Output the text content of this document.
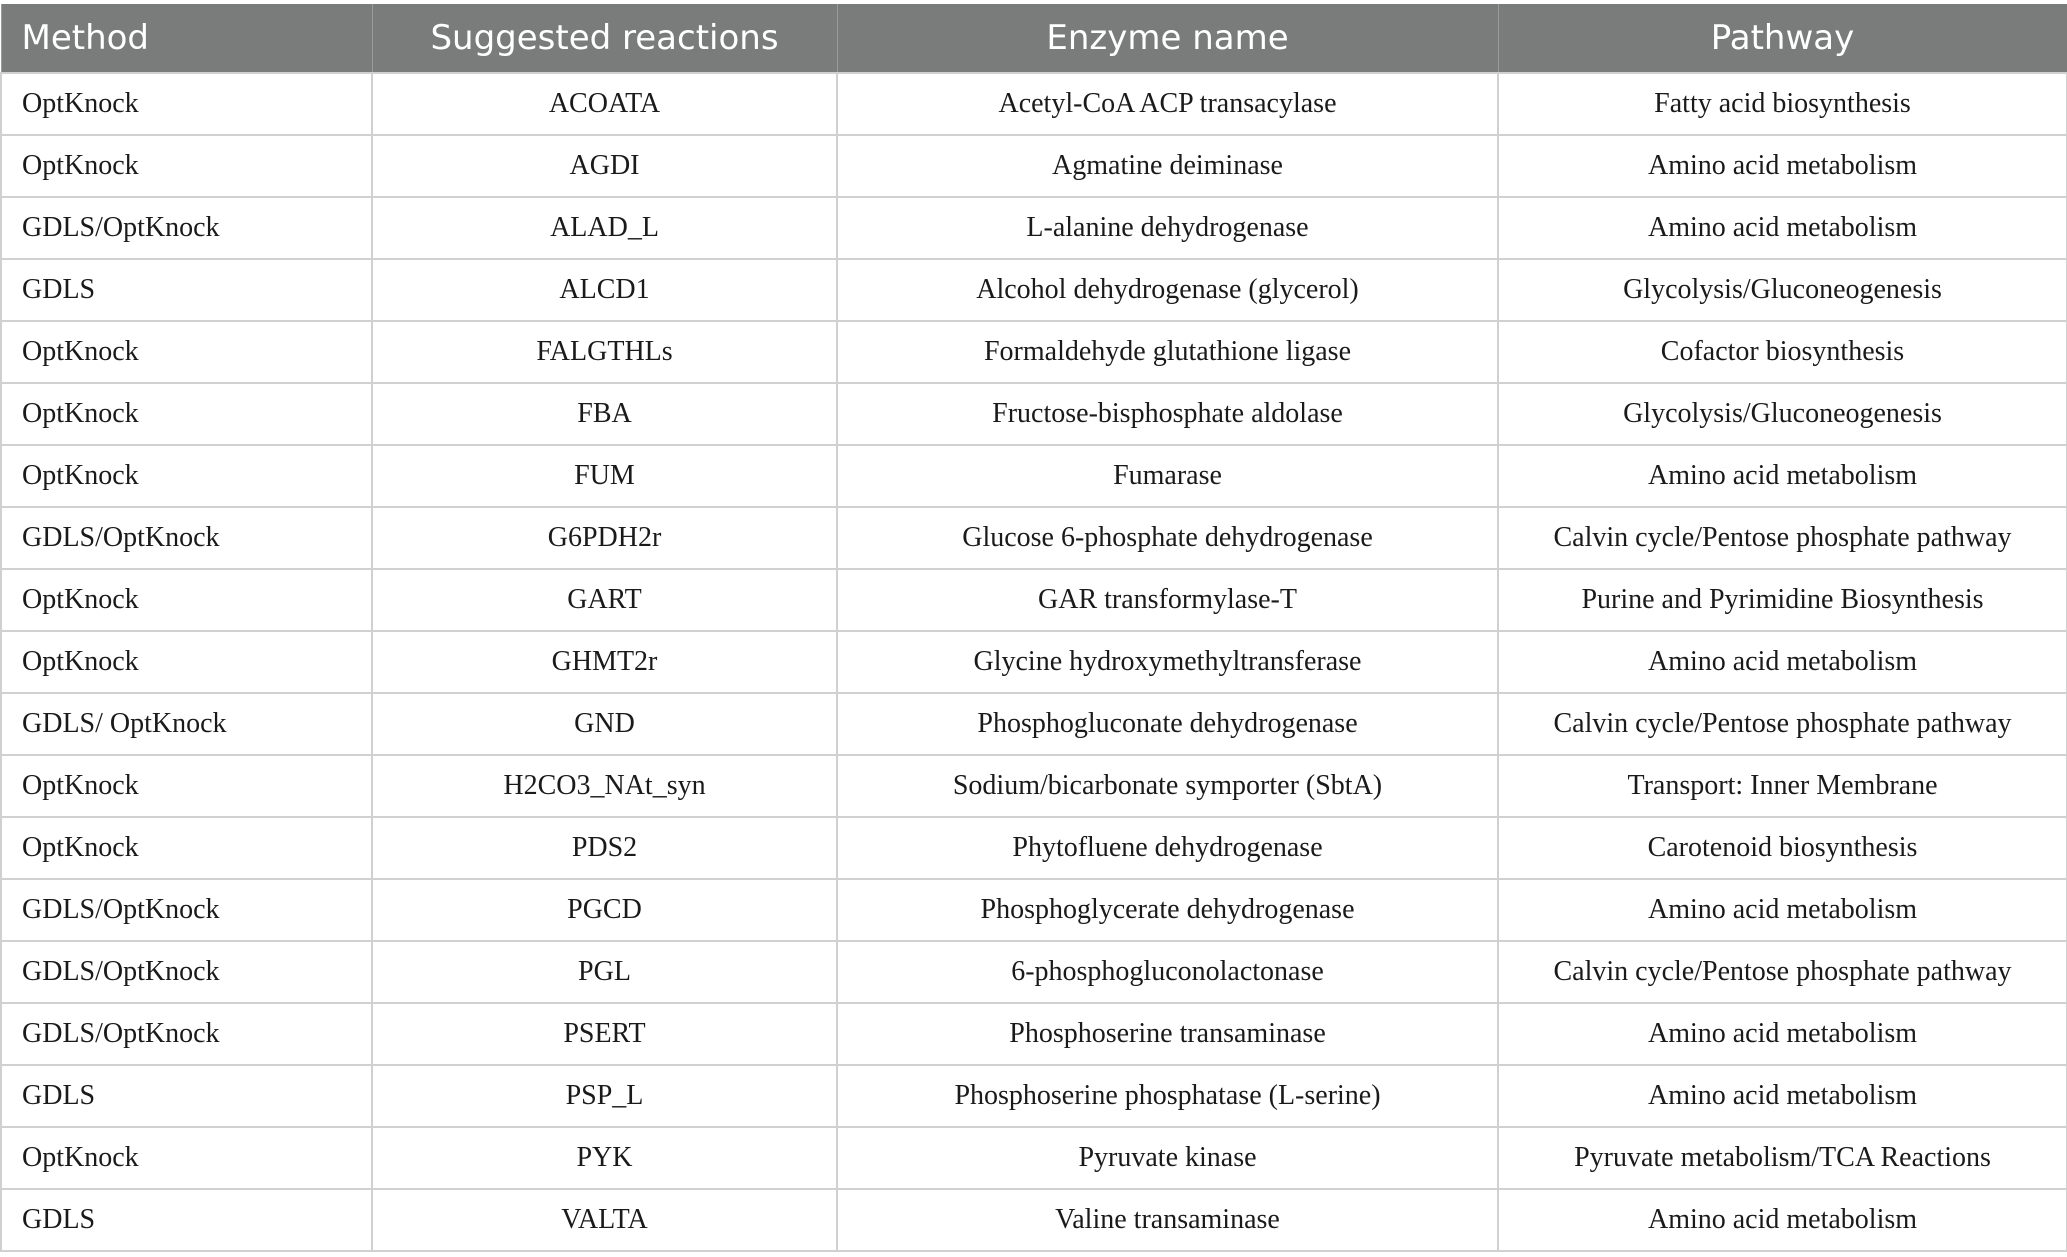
Method	Suggested reactions	Enzyme name	Pathway
OptKnock	ACOATA	Acetyl-CoA ACP transacylase	Fatty acid biosynthesis
OptKnock	AGDI	Agmatine deiminase	Amino acid metabolism
GDLS/OptKnock	ALAD_L	L-alanine dehydrogenase	Amino acid metabolism
GDLS	ALCD1	Alcohol dehydrogenase (glycerol)	Glycolysis/Gluconeogenesis
OptKnock	FALGTHLs	Formaldehyde glutathione ligase	Cofactor biosynthesis
OptKnock	FBA	Fructose-bisphosphate aldolase	Glycolysis/Gluconeogenesis
OptKnock	FUM	Fumarase	Amino acid metabolism
GDLS/OptKnock	G6PDH2r	Glucose 6-phosphate dehydrogenase	Calvin cycle/Pentose phosphate pathway
OptKnock	GART	GAR transformylase-T	Purine and Pyrimidine Biosynthesis
OptKnock	GHMT2r	Glycine hydroxymethyltransferase	Amino acid metabolism
GDLS/ OptKnock	GND	Phosphogluconate dehydrogenase	Calvin cycle/Pentose phosphate pathway
OptKnock	H2CO3_NAt_syn	Sodium/bicarbonate symporter (SbtA)	Transport: Inner Membrane
OptKnock	PDS2	Phytofluene dehydrogenase	Carotenoid biosynthesis
GDLS/OptKnock	PGCD	Phosphoglycerate dehydrogenase	Amino acid metabolism
GDLS/OptKnock	PGL	6-phosphogluconolactonase	Calvin cycle/Pentose phosphate pathway
GDLS/OptKnock	PSERT	Phosphoserine transaminase	Amino acid metabolism
GDLS	PSP_L	Phosphoserine phosphatase (L-serine)	Amino acid metabolism
OptKnock	PYK	Pyruvate kinase	Pyruvate metabolism/TCA Reactions
GDLS	VALTA	Valine transaminase	Amino acid metabolism
